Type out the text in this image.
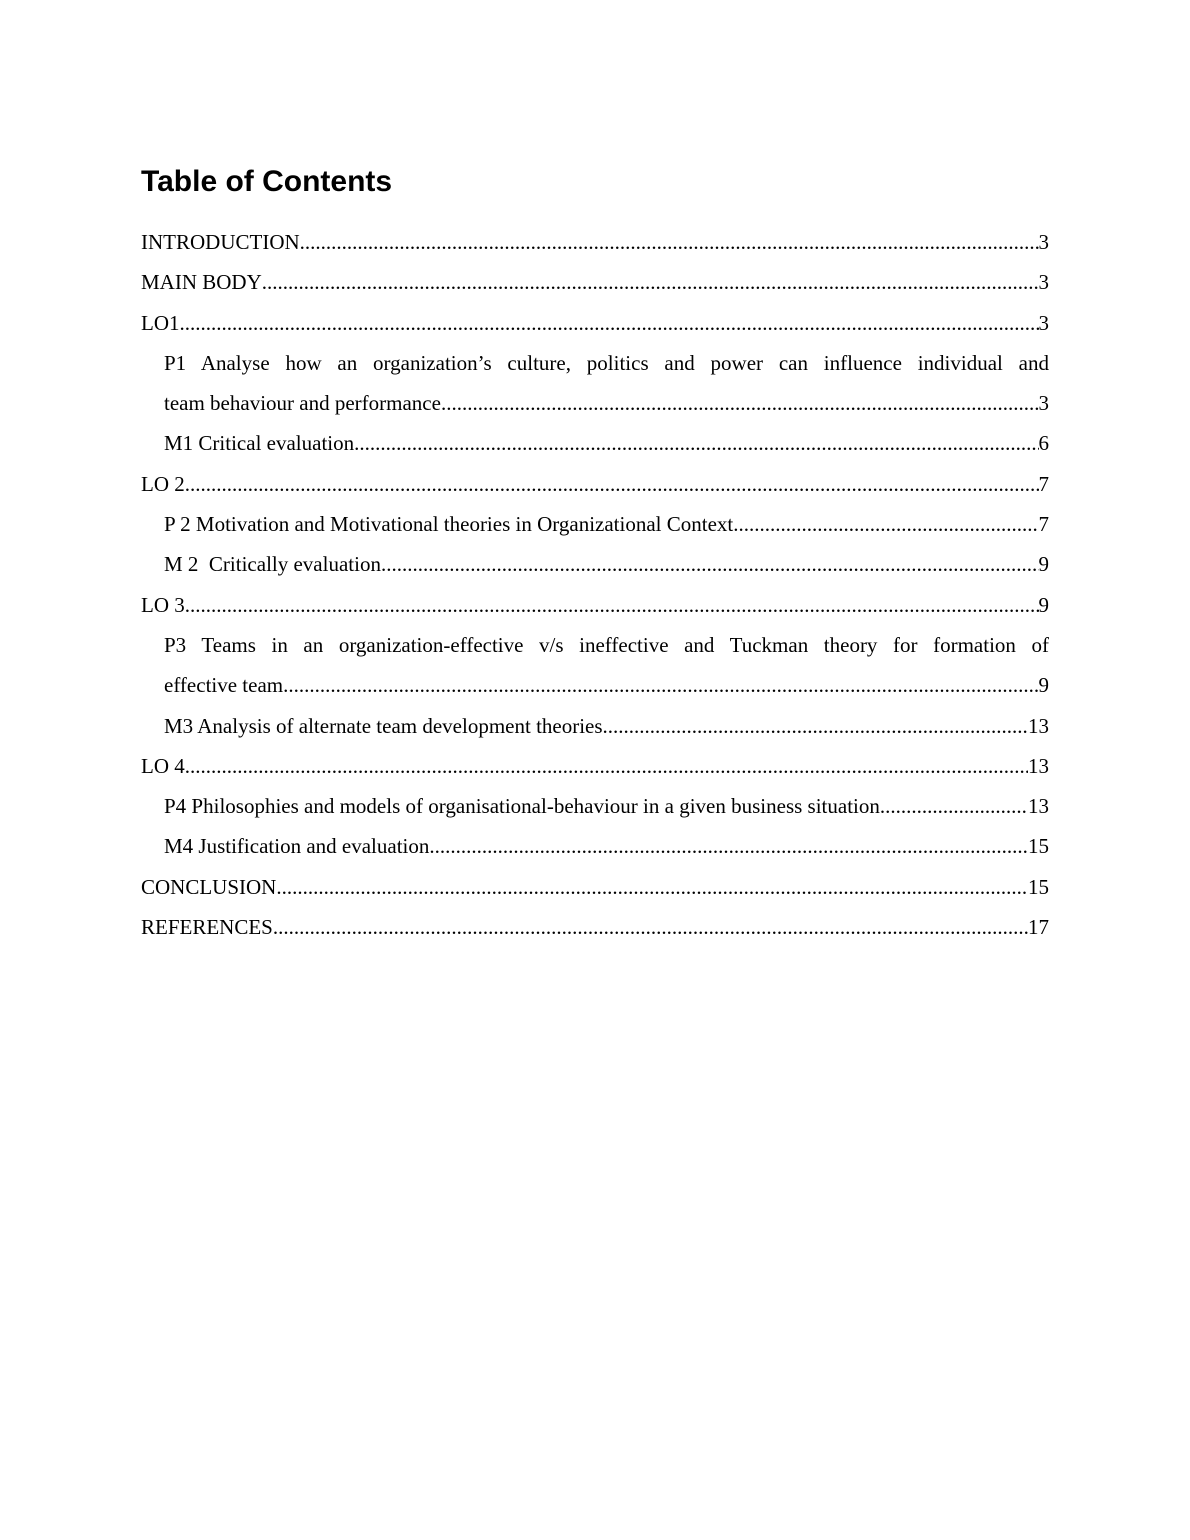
Table of Contents
INTRODUCTION .....	3
MAIN BODY .....	3
LO1 .....	3
P1 Analyse how an organization’s culture, politics and power can influence individual and
team behaviour and performance .....	3
M1 Critical evaluation .....	6
LO 2 .....	7
P 2 Motivation and Motivational theories in Organizational Context .....	7
M 2  Critically evaluation .....	9
LO 3 .....	9
P3 Teams in an organization-effective v/s ineffective and Tuckman theory for formation of
effective team .....	9
M3 Analysis of alternate team development theories .....	13
LO 4 .....	13
P4 Philosophies and models of organisational-behaviour in a given business situation .....	13
M4 Justification and evaluation .....	15
CONCLUSION .....	15
REFERENCES .....	17
